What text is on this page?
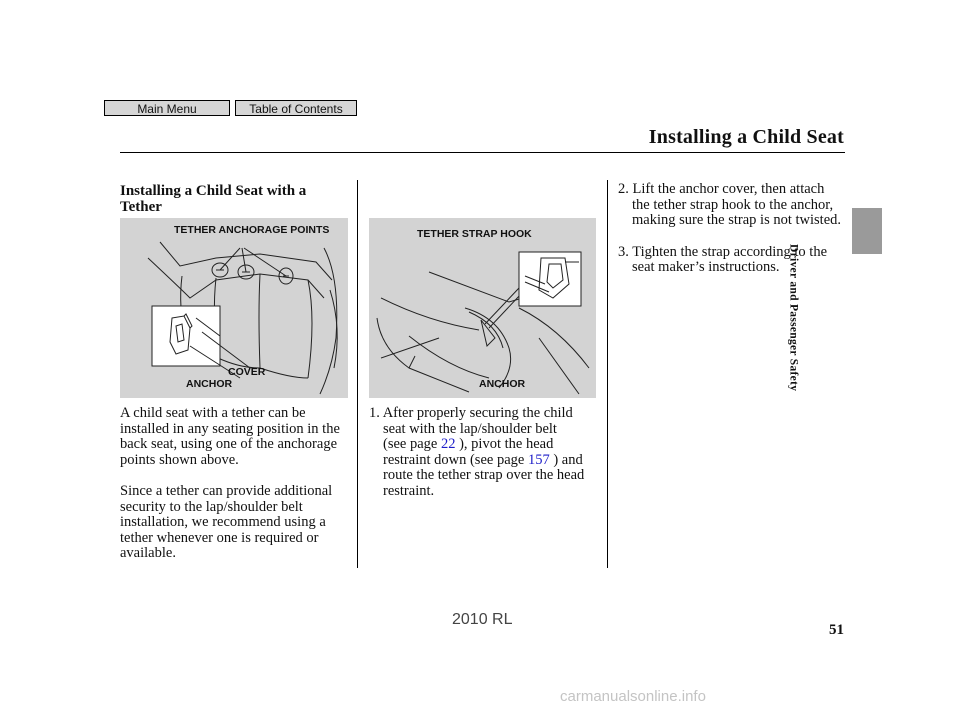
Main Menu	Table of Contents
Installing a Child Seat
Driver and Passenger Safety
Installing a Child Seat with a Tether
TETHER ANCHORAGE POINTS
COVER
ANCHOR

A child seat with a tether can be installed in any seating position in the back seat, using one of the anchorage points shown above.

Since a tether can provide additional security to the lap/shoulder belt installation, we recommend using a tether whenever one is required or available.

TETHER STRAP HOOK
ANCHOR
1. After properly securing the child

seat with the lap/shoulder belt
(see page 22 ), pivot the head restraint down (see page 157 ) and route the tether strap over the head restraint.
2. Lift the anchor cover, then attach
the tether strap hook to the anchor, making sure the strap is not twisted.
3. Tighten the strap according to the
seat maker’s instructions.
51
2010 RL
carmanualsonline.info
